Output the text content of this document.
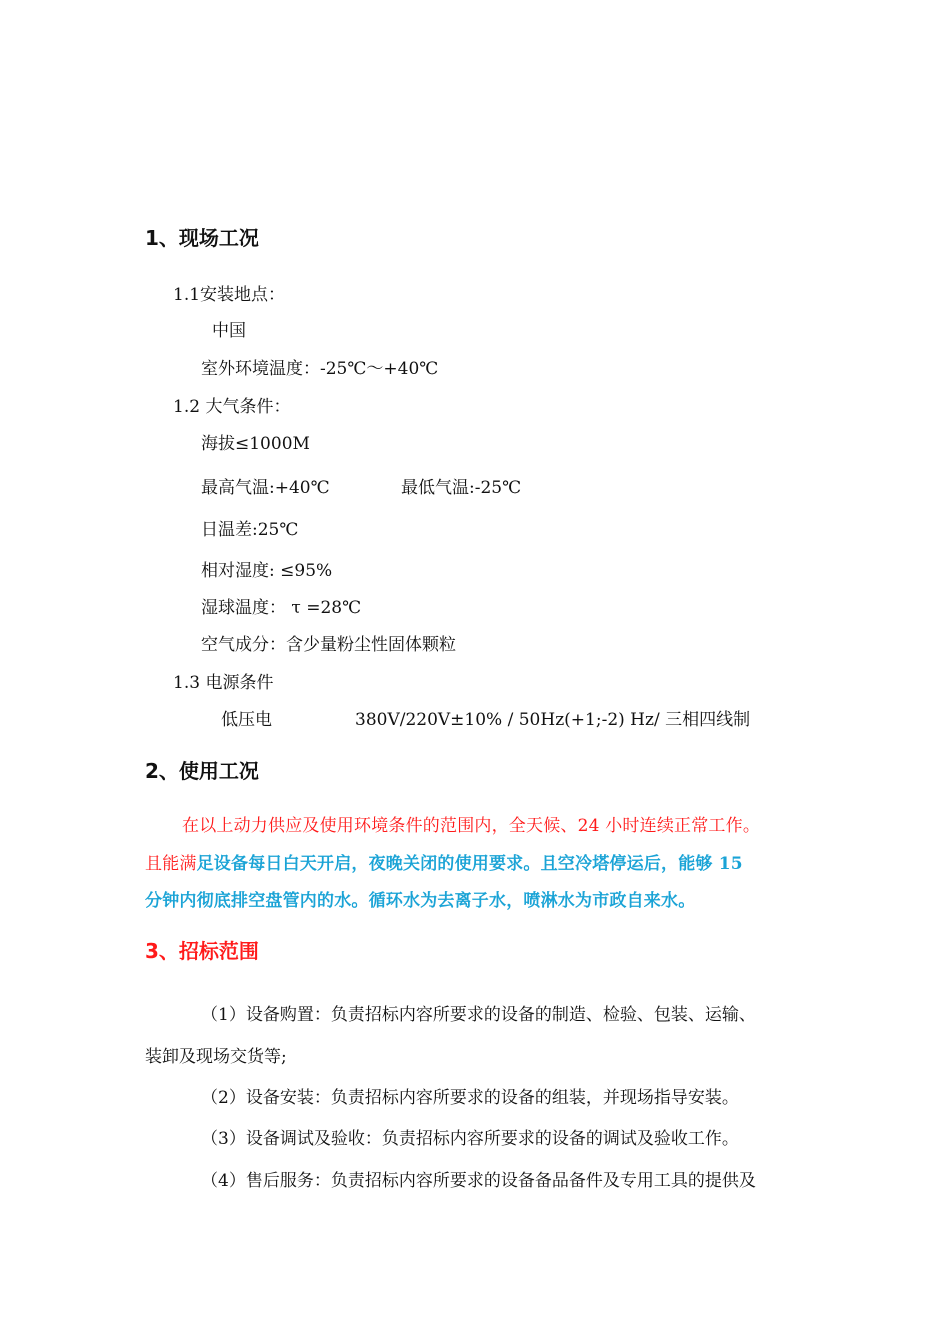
1、现场工况
1.1安装地点：
中国
室外环境温度：-25℃～+40℃
1.2 大气条件：
海拔≤1000M
最高气温:+40℃	最低气温:-25℃
日温差:25℃
相对湿度: ≤95%
湿球温度： τ =28℃
空气成分：含少量粉尘性固体颗粒
1.3 电源条件
低压电	380V/220V±10% / 50Hz(+1;-2) Hz/ 三相四线制
2、使用工况
在以上动力供应及使用环境条件的范围内，全天候、24 小时连续正常工作。
且能满足设备每日白天开启，夜晚关闭的使用要求。且空冷塔停运后，能够 15
分钟内彻底排空盘管内的水。循环水为去离子水，喷淋水为市政自来水。
3、招标范围
（1）设备购置：负责招标内容所要求的设备的制造、检验、包装、运输、
装卸及现场交货等;
（2）设备安装：负责招标内容所要求的设备的组装，并现场指导安装。
（3）设备调试及验收：负责招标内容所要求的设备的调试及验收工作。
（4）售后服务：负责招标内容所要求的设备备品备件及专用工具的提供及
